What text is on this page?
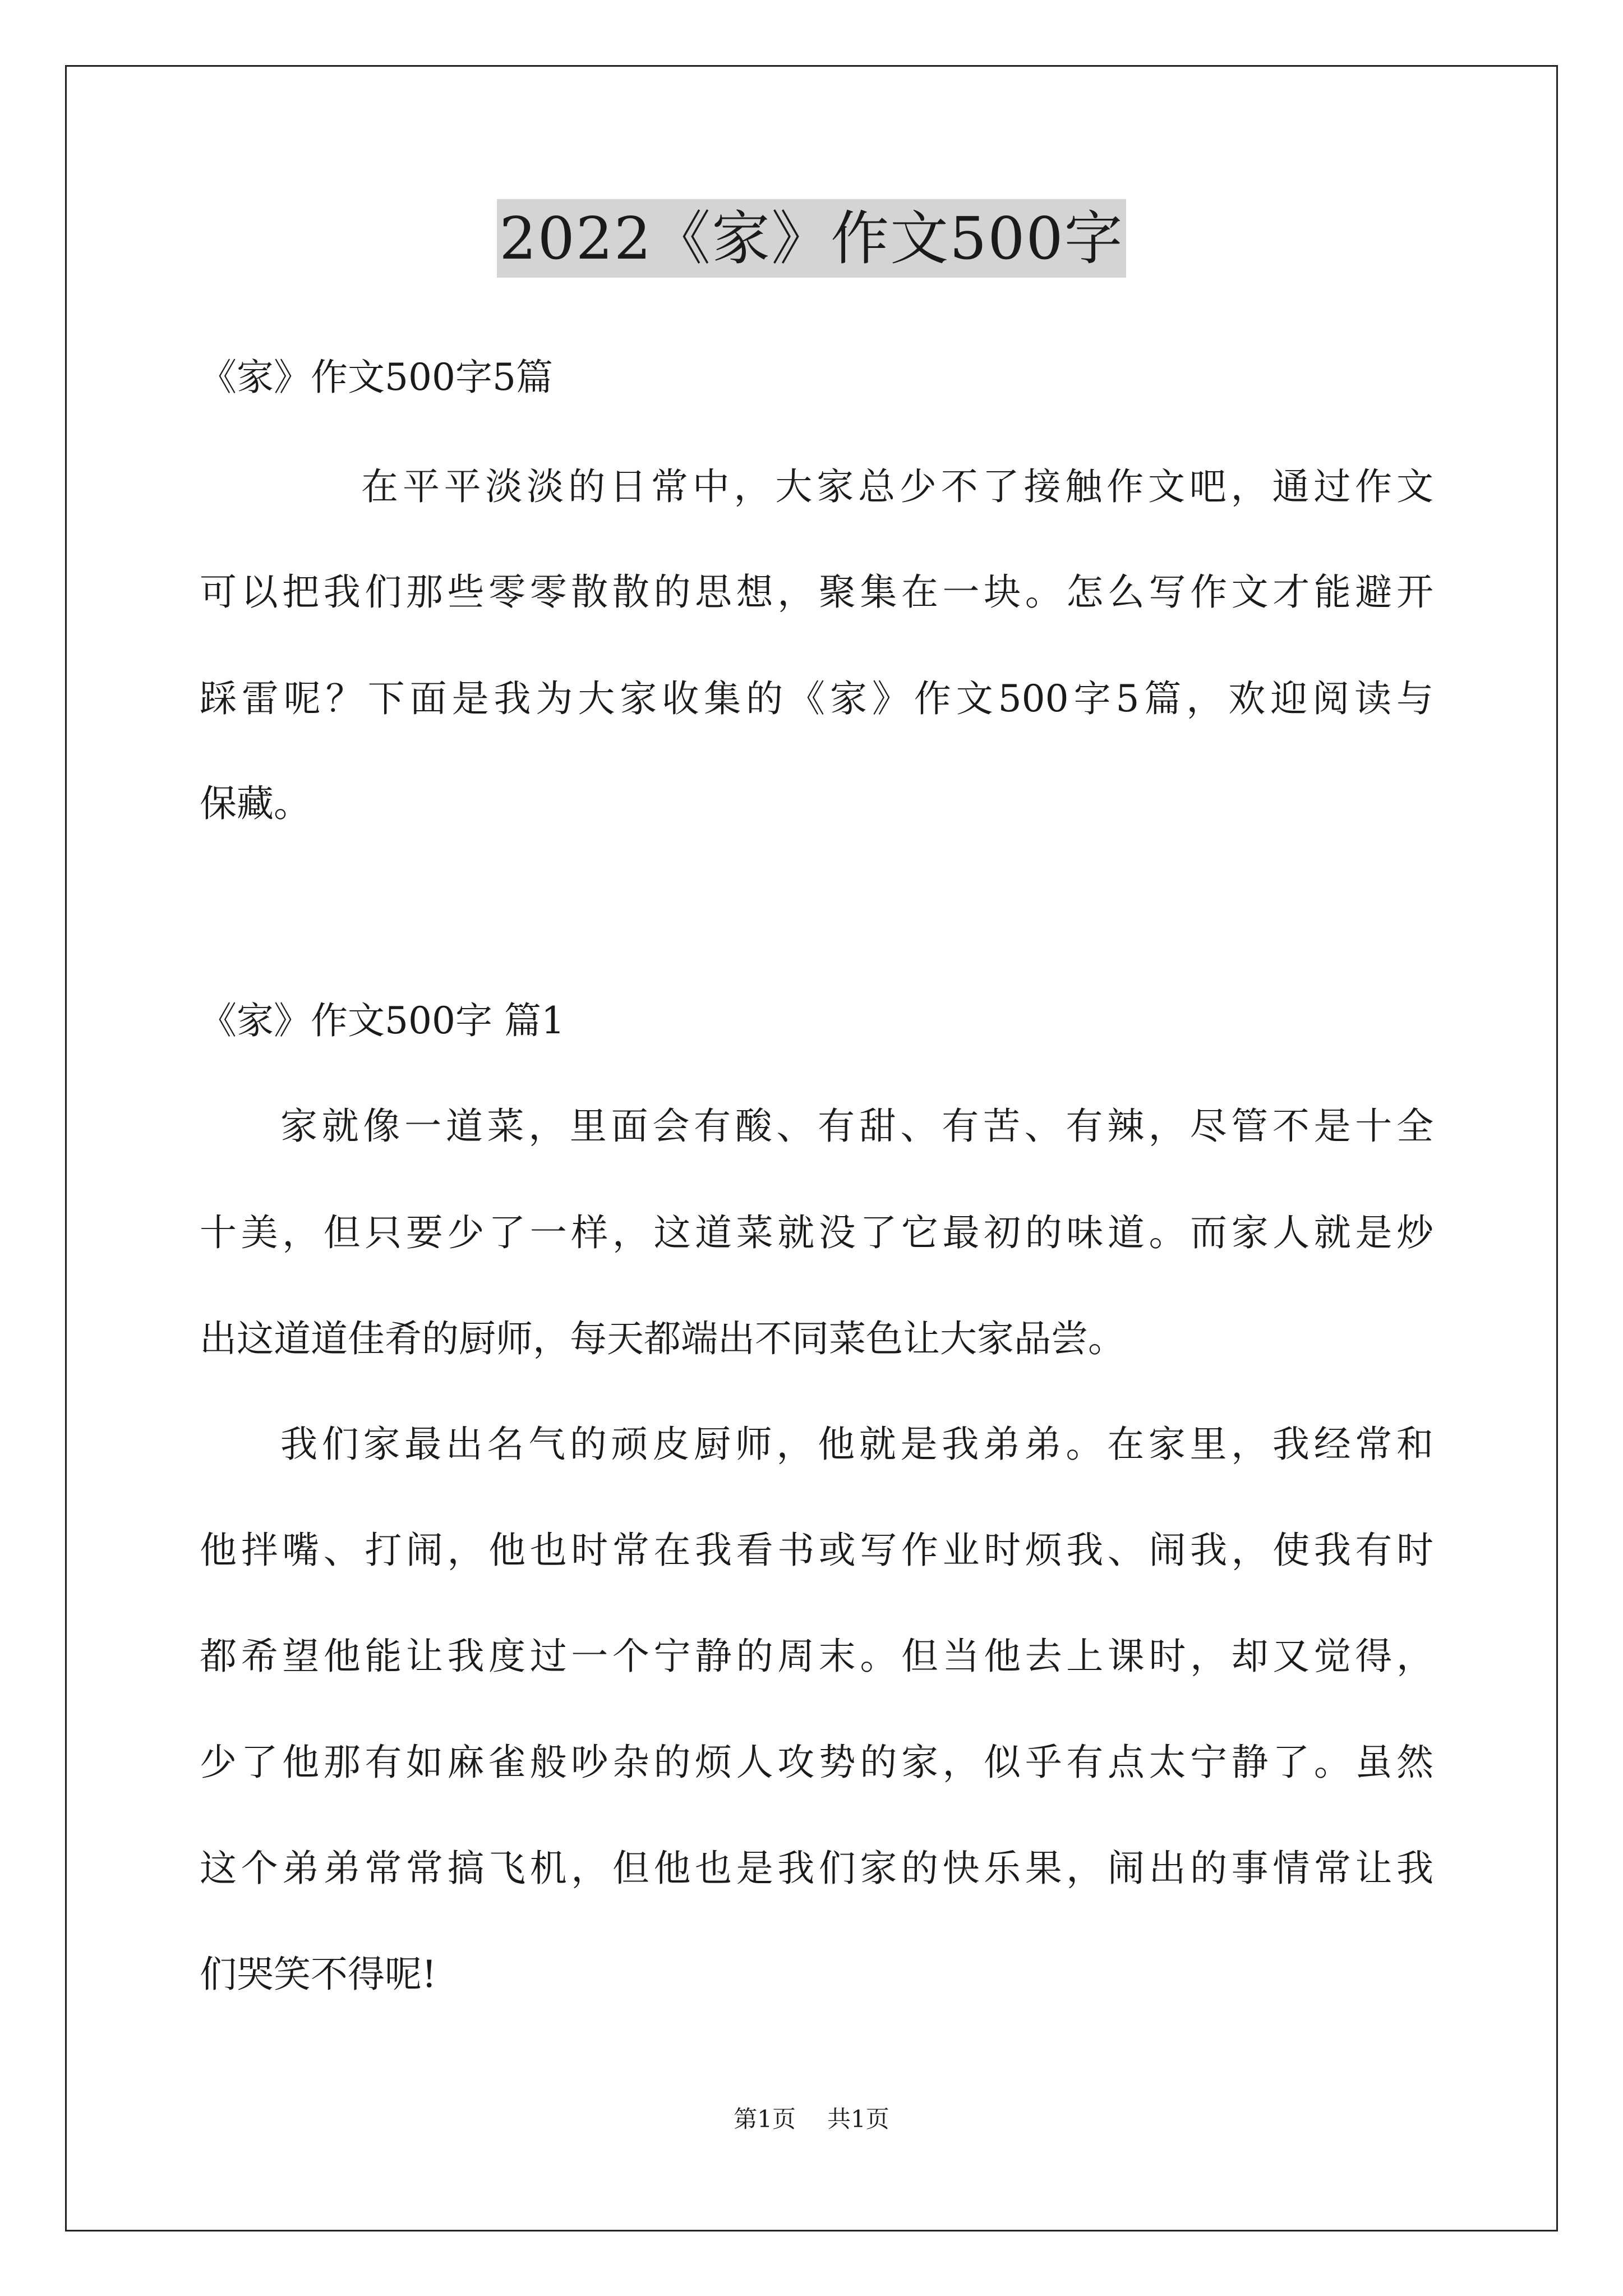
2022《家》作文500字
《家》作文500字5篇
在平平淡淡的日常中，大家总少不了接触作文吧，通过作文
可以把我们那些零零散散的思想，聚集在一块。怎么写作文才能避开
踩雷呢？下面是我为大家收集的《家》作文500字5篇，欢迎阅读与
保藏。
《家》作文500字 篇1
家就像一道菜，里面会有酸、有甜、有苦、有辣，尽管不是十全
十美，但只要少了一样，这道菜就没了它最初的味道。而家人就是炒
出这道道佳肴的厨师，每天都端出不同菜色让大家品尝。
我们家最出名气的顽皮厨师，他就是我弟弟。在家里，我经常和
他拌嘴、打闹，他也时常在我看书或写作业时烦我、闹我，使我有时
都希望他能让我度过一个宁静的周末。但当他去上课时，却又觉得，
少了他那有如麻雀般吵杂的烦人攻势的家，似乎有点太宁静了。虽然
这个弟弟常常搞飞机，但他也是我们家的快乐果，闹出的事情常让我
们哭笑不得呢!
第1页 共1页
